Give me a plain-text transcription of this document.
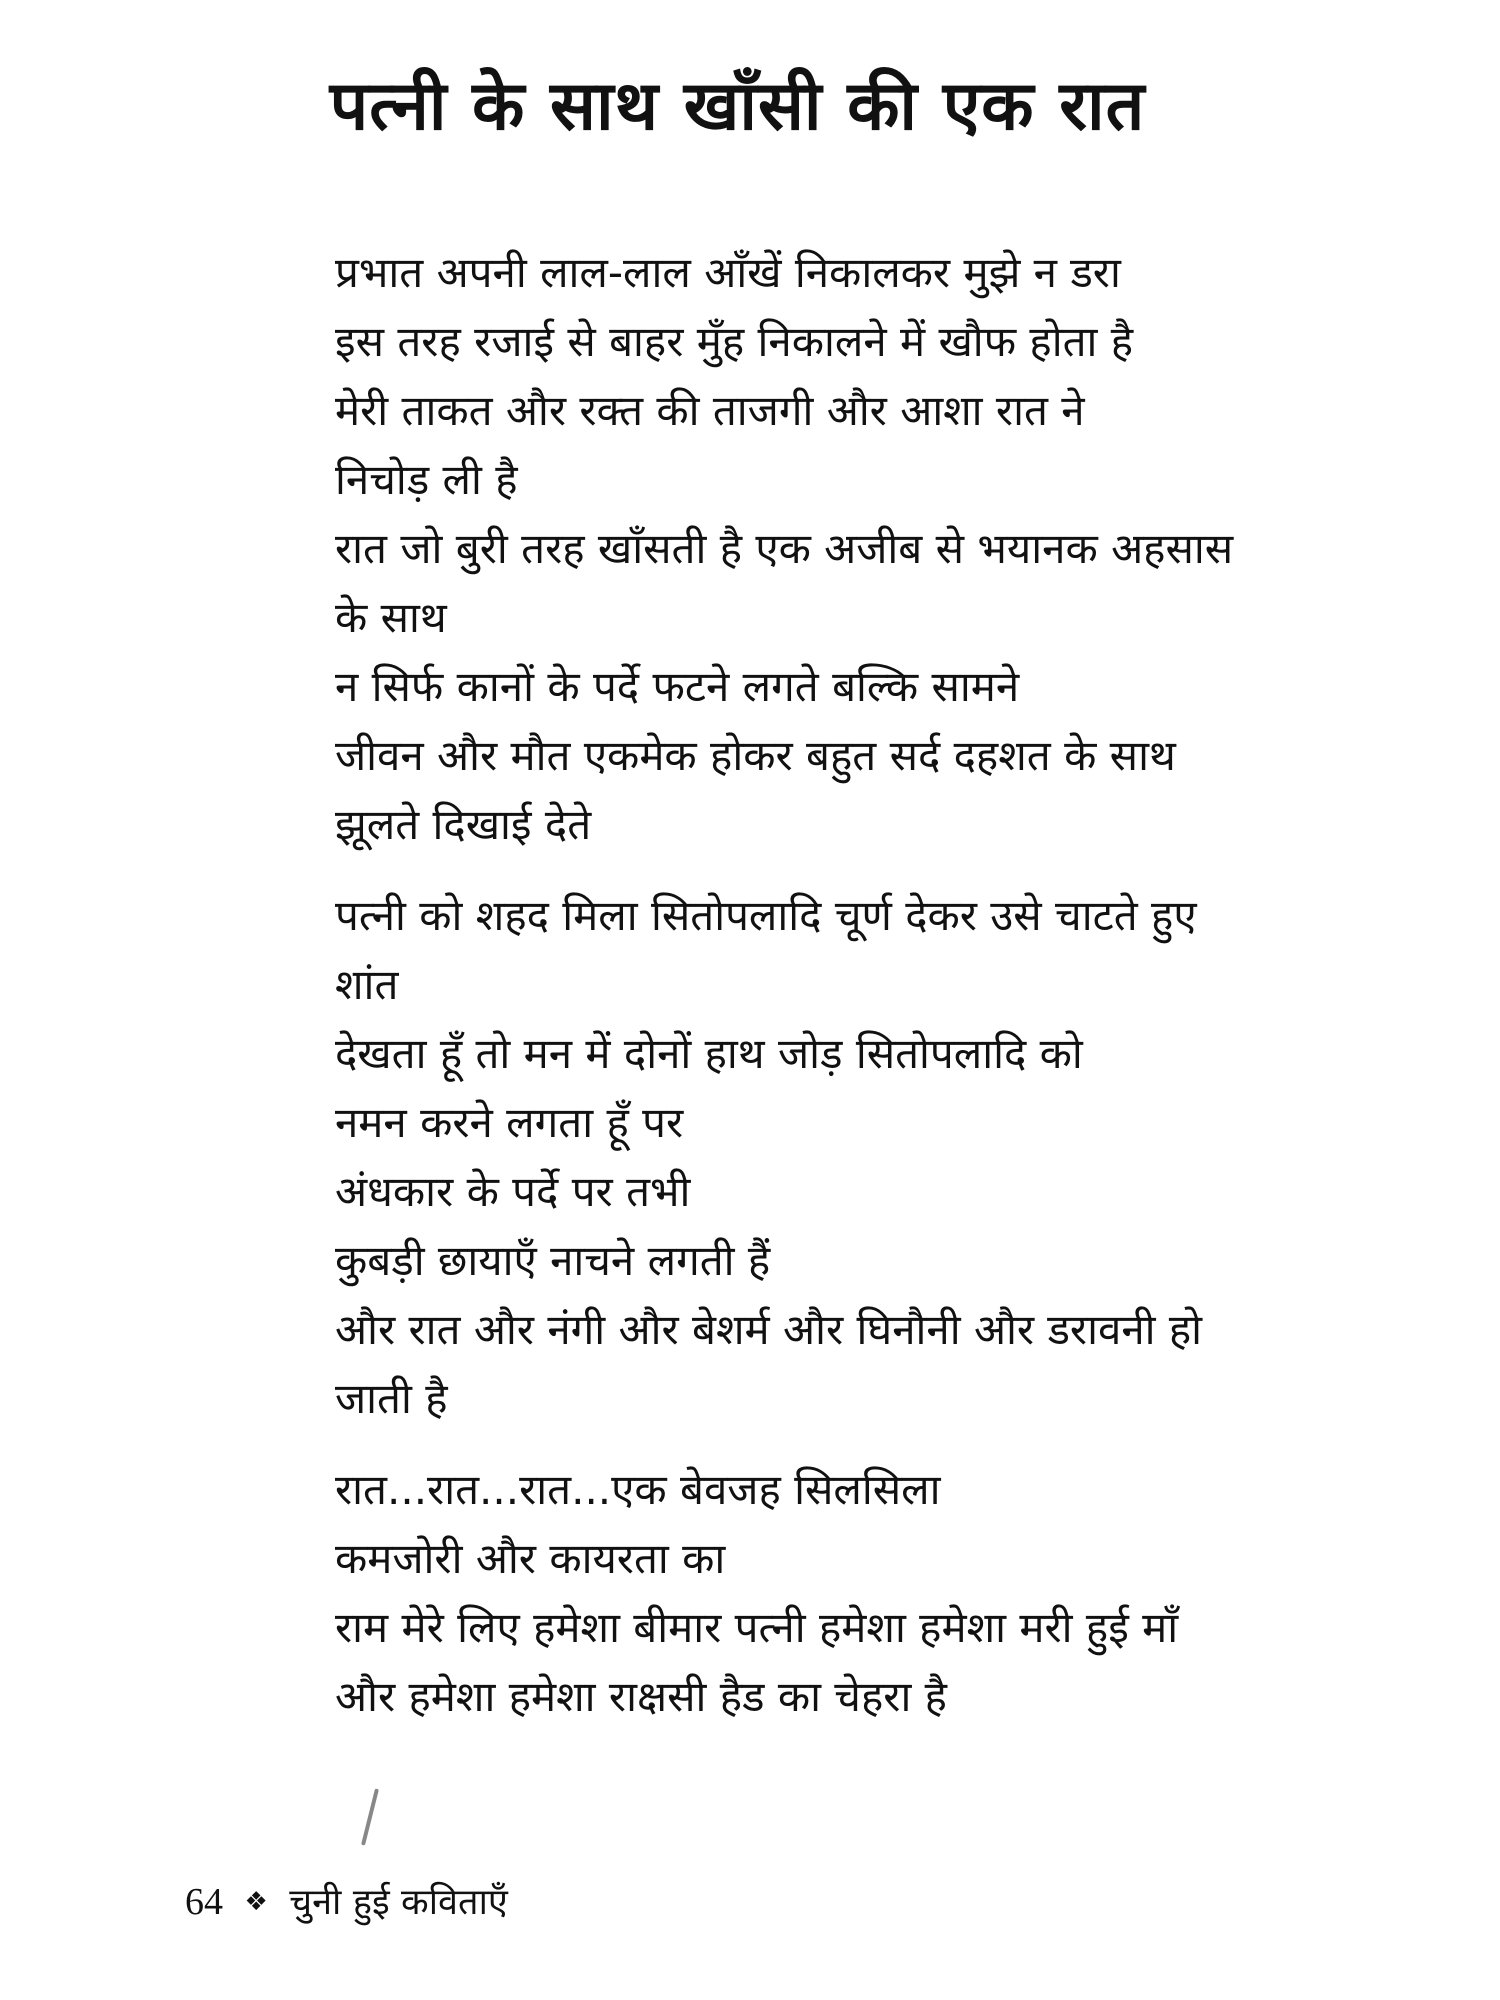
पत्नी के साथ खाँसी की एक रात
प्रभात अपनी लाल-लाल आँखें निकालकर मुझे न डरा
इस तरह रजाई से बाहर मुँह निकालने में खौफ होता है
मेरी ताकत और रक्त की ताजगी और आशा रात ने
निचोड़ ली है
रात जो बुरी तरह खाँसती है एक अजीब से भयानक अहसास
के साथ
न सिर्फ कानों के पर्दे फटने लगते बल्कि सामने
जीवन और मौत एकमेक होकर बहुत सर्द दहशत के साथ
झूलते दिखाई देते
पत्नी को शहद मिला सितोपलादि चूर्ण देकर उसे चाटते हुए
शांत
देखता हूँ तो मन में दोनों हाथ जोड़ सितोपलादि को
नमन करने लगता हूँ पर
अंधकार के पर्दे पर तभी
कुबड़ी छायाएँ नाचने लगती हैं
और रात और नंगी और बेशर्म और घिनौनी और डरावनी हो
जाती है
रात...रात...रात...एक बेवजह सिलसिला
कमजोरी और कायरता का
राम मेरे लिए हमेशा बीमार पत्नी हमेशा हमेशा मरी हुई माँ
और हमेशा हमेशा राक्षसी हैड का चेहरा है
64 ❖ चुनी हुई कविताएँ
